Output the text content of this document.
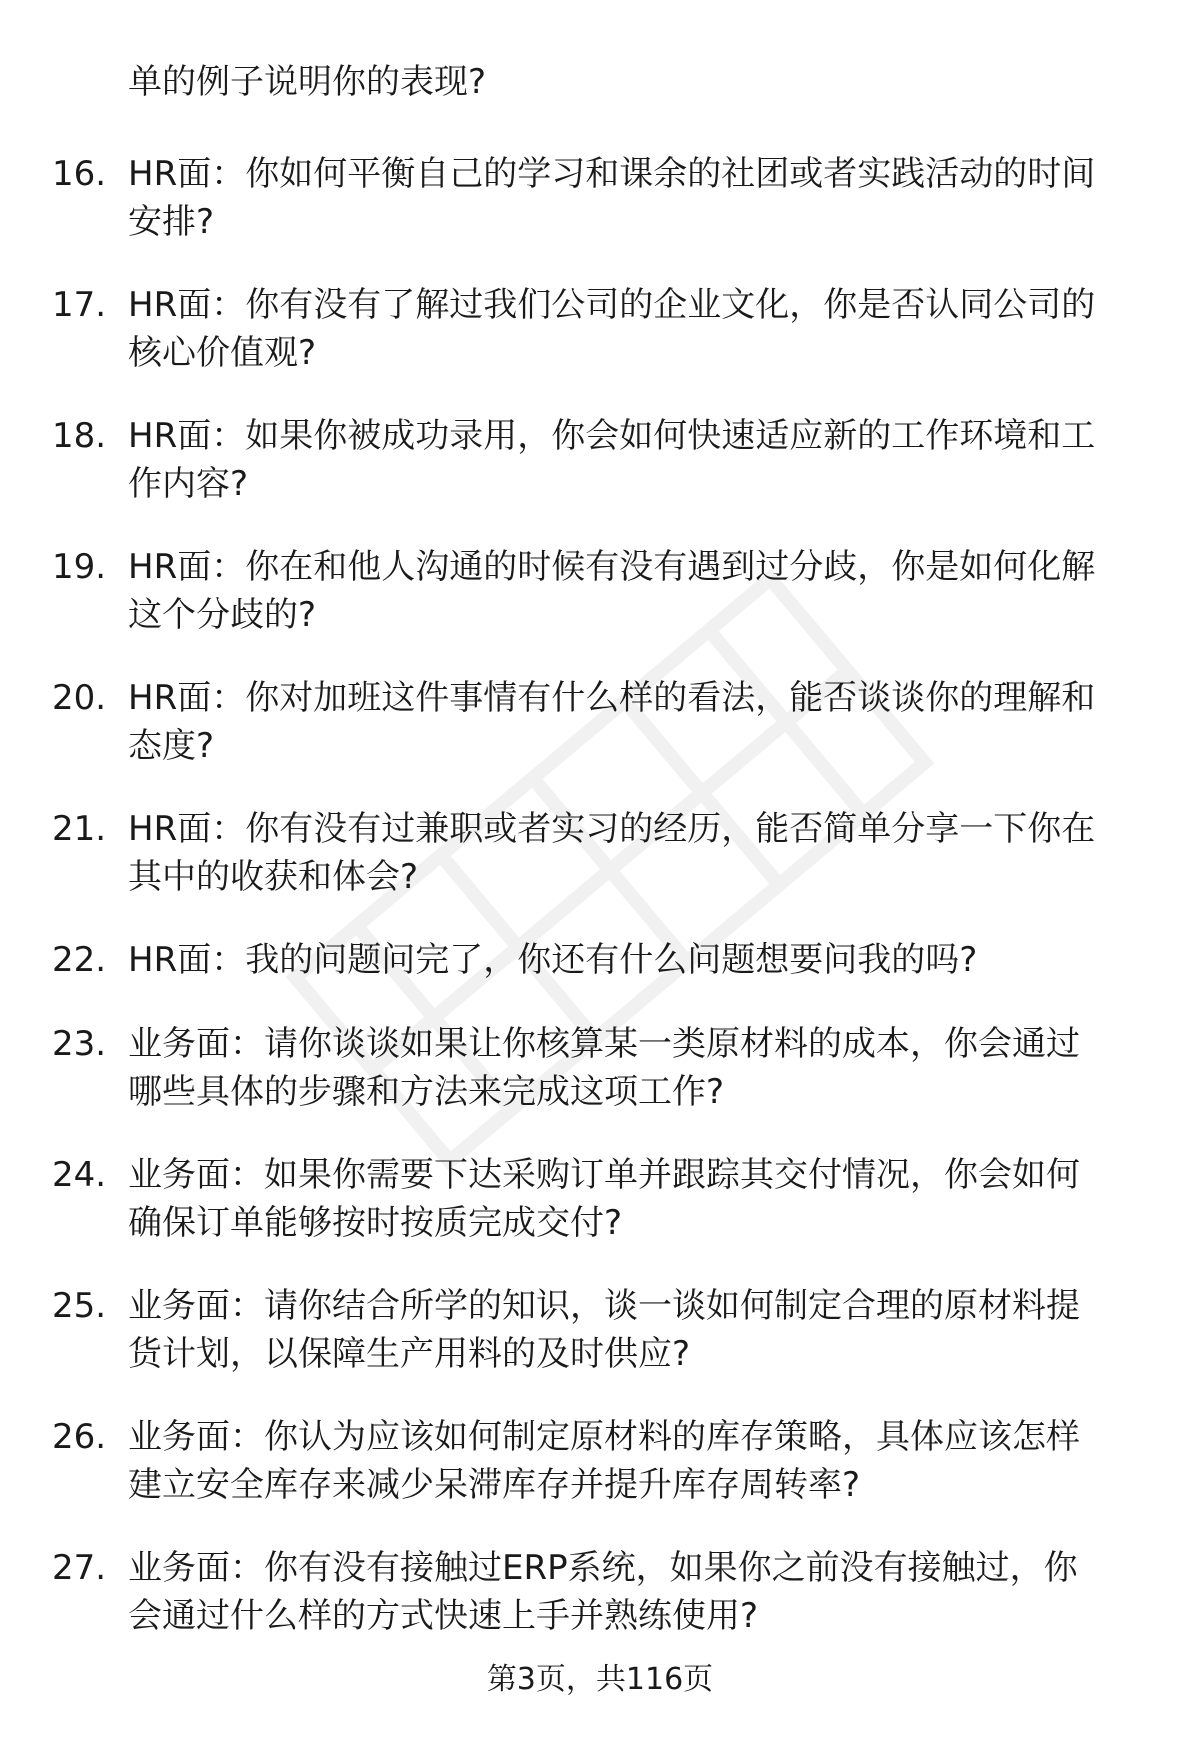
单的例子说明你的表现?
16. HR面：你如何平衡自己的学习和课余的社团或者实践活动的时间
安排?
17. HR面：你有没有了解过我们公司的企业文化，你是否认同公司的
核心价值观?
18. HR面：如果你被成功录用，你会如何快速适应新的工作环境和工
作内容?
19. HR面：你在和他人沟通的时候有没有遇到过分歧，你是如何化解
这个分歧的?
20. HR面：你对加班这件事情有什么样的看法，能否谈谈你的理解和
态度?
21. HR面：你有没有过兼职或者实习的经历，能否简单分享一下你在
其中的收获和体会?
22. HR面：我的问题问完了，你还有什么问题想要问我的吗?
23. 业务面：请你谈谈如果让你核算某一类原材料的成本，你会通过
哪些具体的步骤和方法来完成这项工作?
24. 业务面：如果你需要下达采购订单并跟踪其交付情况，你会如何
确保订单能够按时按质完成交付?
25. 业务面：请你结合所学的知识，谈一谈如何制定合理的原材料提
货计划，以保障生产用料的及时供应?
26. 业务面：你认为应该如何制定原材料的库存策略，具体应该怎样
建立安全库存来减少呆滞库存并提升库存周转率?
27. 业务面：你有没有接触过ERP系统，如果你之前没有接触过，你
会通过什么样的方式快速上手并熟练使用?
第3页，共116页
